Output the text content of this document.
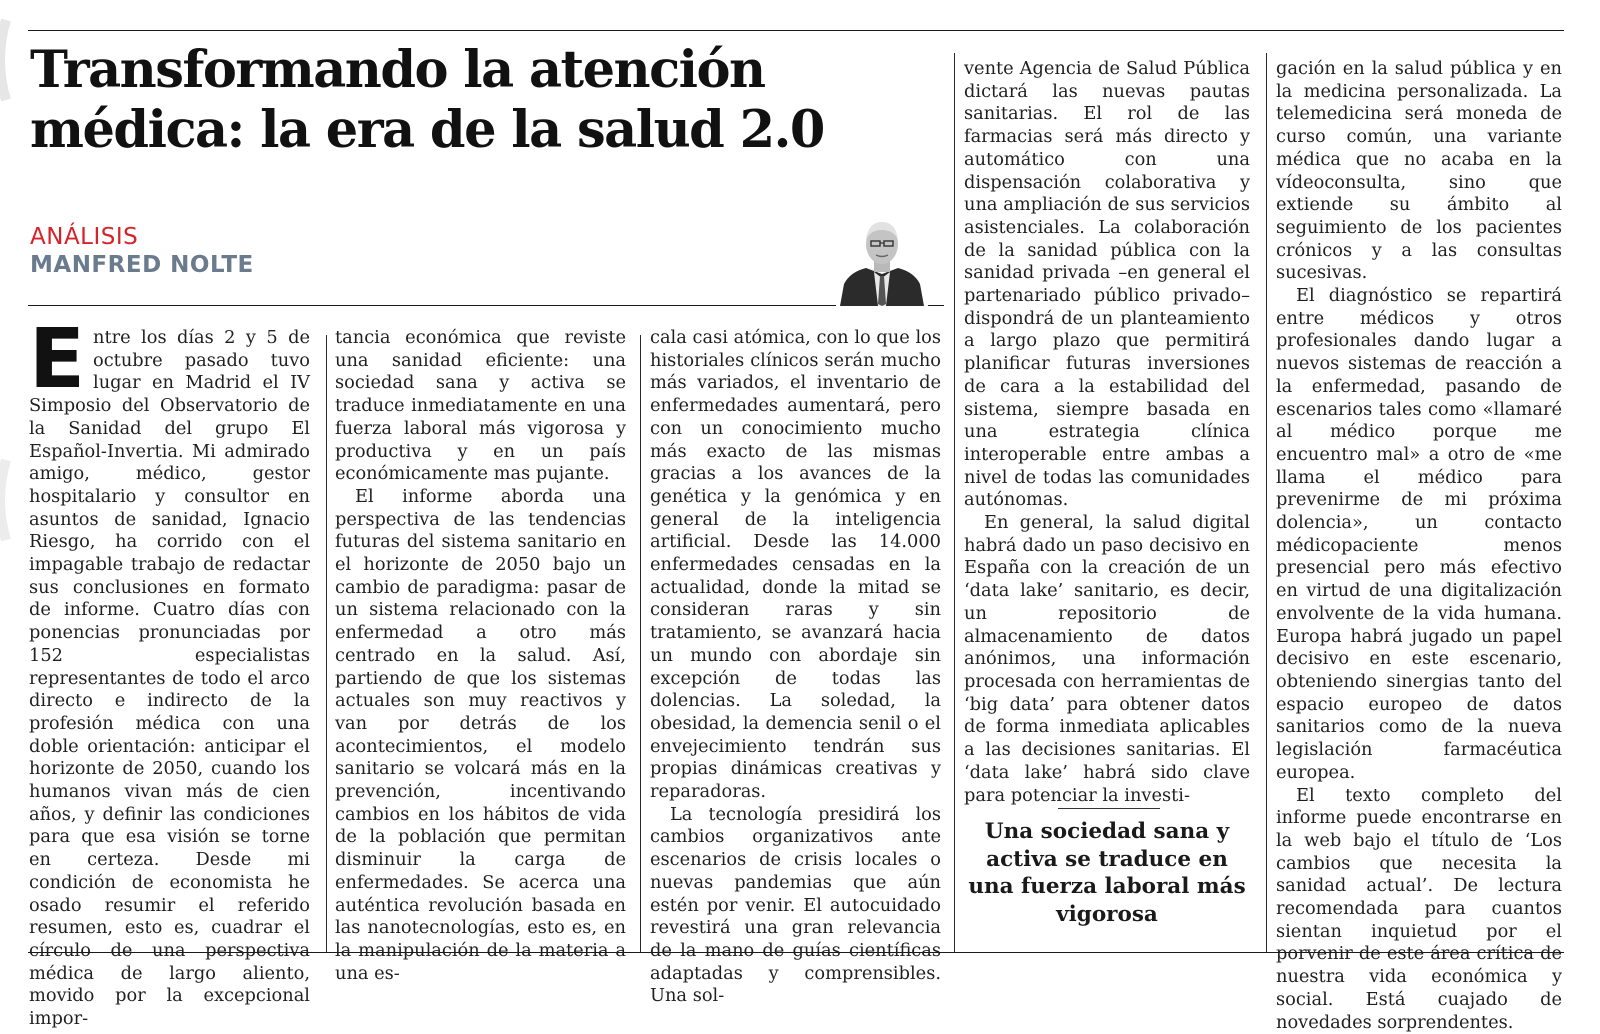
Transformando la atención médica: la era de la salud 2.0
ANÁLISIS
MANFRED NOLTE

Entre los días 2 y 5 de octubre pasado tuvo lugar en Madrid el IV Simposio del Observatorio de la Sanidad del grupo El Español-Invertia. Mi admirado amigo, médico, gestor hospitalario y consultor en asuntos de sanidad, Ignacio Riesgo, ha corrido con el impagable trabajo de redactar sus conclusiones en formato de informe. Cuatro días con ponencias pronunciadas por 152 especialistas representantes de todo el arco directo e indirecto de la profesión médica con una doble orientación: anticipar el horizonte de 2050, cuando los humanos vivan más de cien años, y definir las condiciones para que esa visión se torne en certeza. Desde mi condición de economista he osado resumir el referido resumen, esto es, cuadrar el círculo de una perspectiva médica de largo aliento, movido por la excepcional impor-

tancia económica que reviste una sanidad eficiente: una sociedad sana y activa se traduce inmediatamente en una fuerza laboral más vigorosa y productiva y en un país económicamente mas pujante.

El informe aborda una perspectiva de las tendencias futuras del sistema sanitario en el horizonte de 2050 bajo un cambio de paradigma: pasar de un sistema relacionado con la enfermedad a otro más centrado en la salud. Así, partiendo de que los sistemas actuales son muy reactivos y van por detrás de los acontecimientos, el modelo sanitario se volcará más en la prevención, incentivando cambios en los hábitos de vida de la población que permitan disminuir la carga de enfermedades. Se acerca una auténtica revolución basada en las nanotecnologías, esto es, en la manipulación de la materia a una es-

cala casi atómica, con lo que los historiales clínicos serán mucho más variados, el inventario de enfermedades aumentará, pero con un conocimiento mucho más exacto de las mismas gracias a los avances de la genética y la genómica y en general de la inteligencia artificial. Desde las 14.000 enfermedades censadas en la actualidad, donde la mitad se consideran raras y sin tratamiento, se avanzará hacia un mundo con abordaje sin excepción de todas las dolencias. La soledad, la obesidad, la demencia senil o el envejecimiento tendrán sus propias dinámicas creativas y reparadoras.

La tecnología presidirá los cambios organizativos ante escenarios de crisis locales o nuevas pandemias que aún estén por venir. El autocuidado revestirá una gran relevancia de la mano de guías científicas adaptadas y comprensibles. Una sol-

vente Agencia de Salud Pública dictará las nuevas pautas sanitarias. El rol de las farmacias será más directo y automático con una dispensación colaborativa y una ampliación de sus servicios asistenciales. La colaboración de la sanidad pública con la sanidad privada –en general el partenariado público privado– dispondrá de un planteamiento a largo plazo que permitirá planificar futuras inversiones de cara a la estabilidad del sistema, siempre basada en una estrategia clínica interoperable entre ambas a nivel de todas las comunidades autónomas.

En general, la salud digital habrá dado un paso decisivo en España con la creación de un ‘data lake’ sanitario, es decir, un repositorio de almacenamiento de datos anónimos, una información procesada con herramientas de ‘big data’ para obtener datos de forma inmediata aplicables a las decisiones sanitarias. El ‘data lake’ habrá sido clave para potenciar la investi-

Una sociedad sana y activa se traduce en una fuerza laboral más vigorosa

gación en la salud pública y en la medicina personalizada. La telemedicina será moneda de curso común, una variante médica que no acaba en la vídeoconsulta, sino que extiende su ámbito al seguimiento de los pacientes crónicos y a las consultas sucesivas.

El diagnóstico se repartirá entre médicos y otros profesionales dando lugar a nuevos sistemas de reacción a la enfermedad, pasando de escenarios tales como «llamaré al médico porque me encuentro mal» a otro de «me llama el médico para prevenirme de mi próxima dolencia», un contacto médicopaciente menos presencial pero más efectivo en virtud de una digitalización envolvente de la vida humana. Europa habrá jugado un papel decisivo en este escenario, obteniendo sinergias tanto del espacio europeo de datos sanitarios como de la nueva legislación farmacéutica europea.

El texto completo del informe puede encontrarse en la web bajo el título de ‘Los cambios que necesita la sanidad actual’. De lectura recomendada para cuantos sientan inquietud por el porvenir de este área crítica de nuestra vida económica y social. Está cuajado de novedades sorprendentes.
